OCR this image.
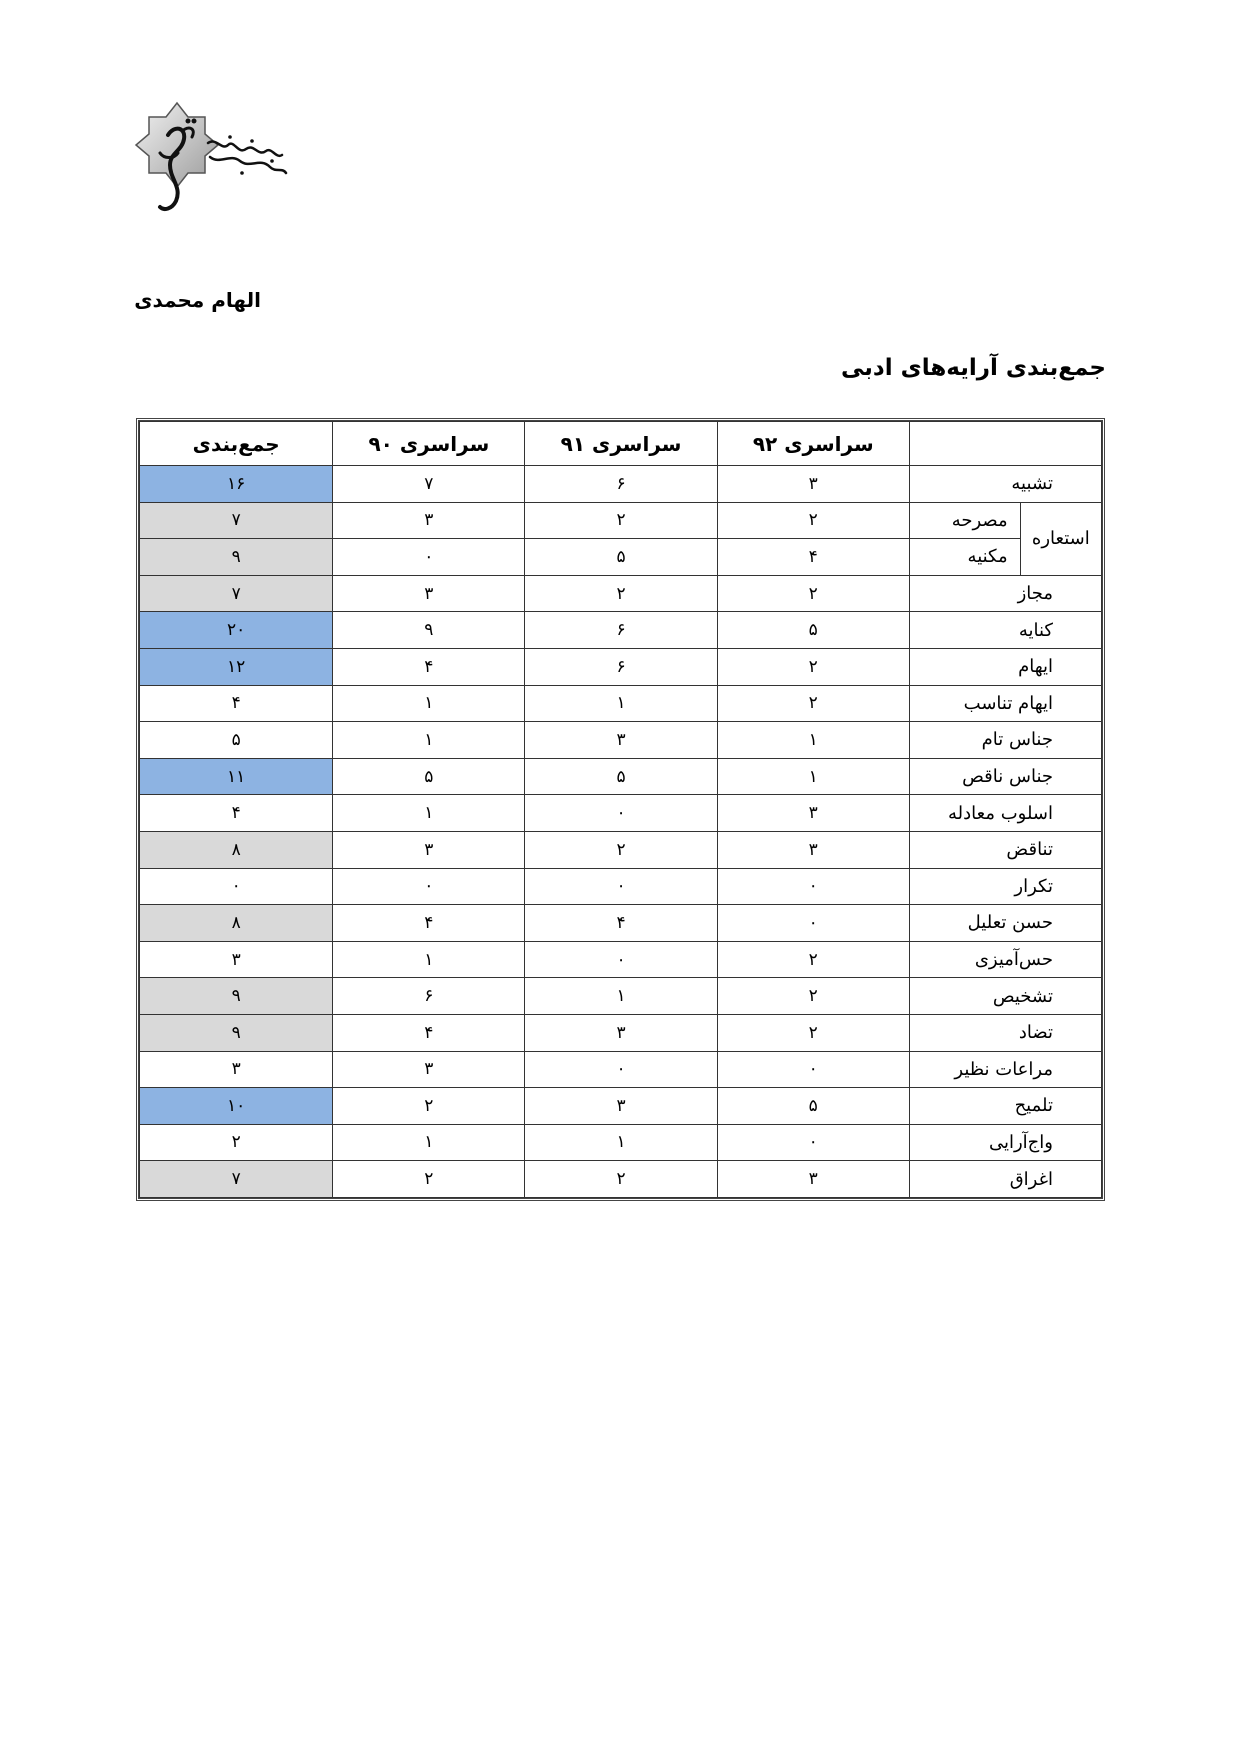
الهام محمدی
جمع‌بندی آرایه‌های ادبی
		سراسری ۹۲	سراسری ۹۱	سراسری ۹۰	جمع‌بندی
تشبیه		۳	۶	۷	۱۶
استعاره	مصرحه	۲	۲	۳	۷
	مکنیه	۴	۵	۰	۹
مجاز		۲	۲	۳	۷
کنایه		۵	۶	۹	۲۰
ایهام		۲	۶	۴	۱۲
ایهام تناسب		۲	۱	۱	۴
جناس تام		۱	۳	۱	۵
جناس ناقص		۱	۵	۵	۱۱
اسلوب معادله		۳	۰	۱	۴
تناقض		۳	۲	۳	۸
تکرار		۰	۰	۰	۰
حسن تعلیل		۰	۴	۴	۸
حس‌آمیزی		۲	۰	۱	۳
تشخیص		۲	۱	۶	۹
تضاد		۲	۳	۴	۹
مراعات نظیر		۰	۰	۳	۳
تلمیح		۵	۳	۲	۱۰
واج‌آرایی		۰	۱	۱	۲
اغراق		۳	۲	۲	۷
